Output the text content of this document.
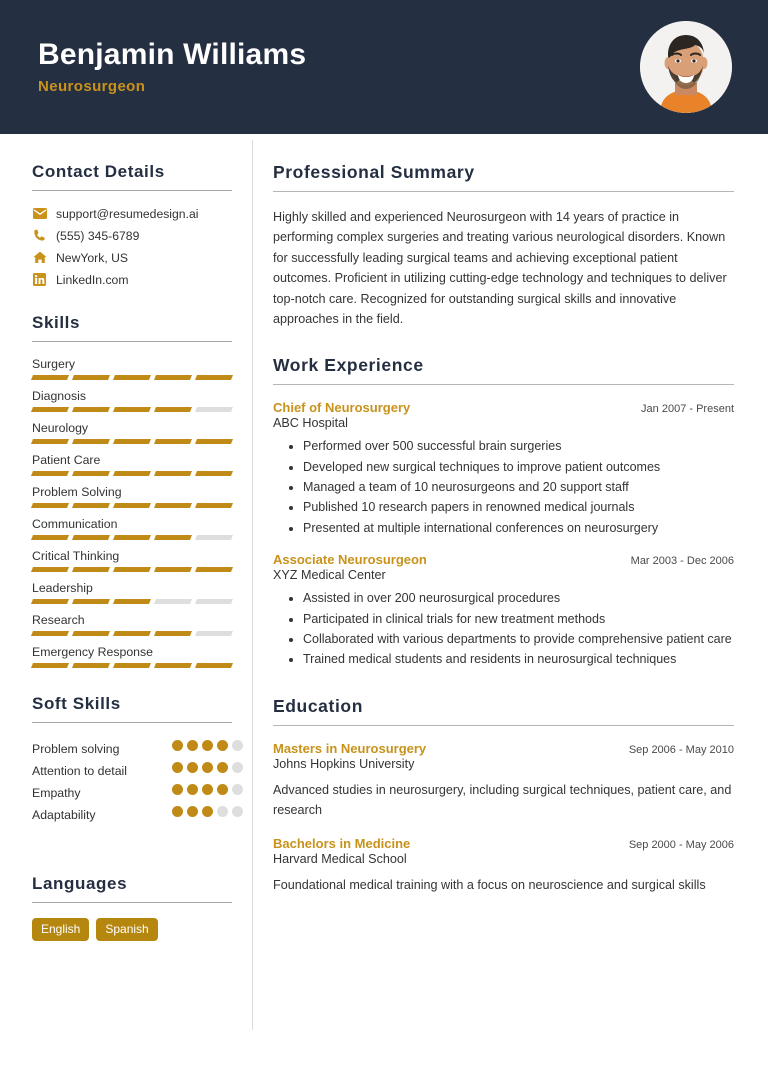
Benjamin Williams
Neurosurgeon
Contact Details
support@resumedesign.ai
(555) 345-6789
NewYork, US
LinkedIn.com
Skills
Surgery
Diagnosis
Neurology
Patient Care
Problem Solving
Communication
Critical Thinking
Leadership
Research
Emergency Response
Soft Skills
Problem solving
Attention to detail
Empathy
Adaptability
Languages
English	Spanish
Professional Summary
Highly skilled and experienced Neurosurgeon with 14 years of practice in performing complex surgeries and treating various neurological disorders. Known for successfully leading surgical teams and achieving exceptional patient outcomes. Proficient in utilizing cutting-edge technology and techniques to deliver top-notch care. Recognized for outstanding surgical skills and innovative approaches in the field.
Work Experience
Chief of Neurosurgery	Jan 2007 - Present
ABC Hospital
• Performed over 500 successful brain surgeries
• Developed new surgical techniques to improve patient outcomes
• Managed a team of 10 neurosurgeons and 20 support staff
• Published 10 research papers in renowned medical journals
• Presented at multiple international conferences on neurosurgery
Associate Neurosurgeon	Mar 2003 - Dec 2006
XYZ Medical Center
• Assisted in over 200 neurosurgical procedures
• Participated in clinical trials for new treatment methods
• Collaborated with various departments to provide comprehensive patient care
• Trained medical students and residents in neurosurgical techniques
Education
Masters in Neurosurgery	Sep 2006 - May 2010
Johns Hopkins University
Advanced studies in neurosurgery, including surgical techniques, patient care, and research
Bachelors in Medicine	Sep 2000 - May 2006
Harvard Medical School
Foundational medical training with a focus on neuroscience and surgical skills
